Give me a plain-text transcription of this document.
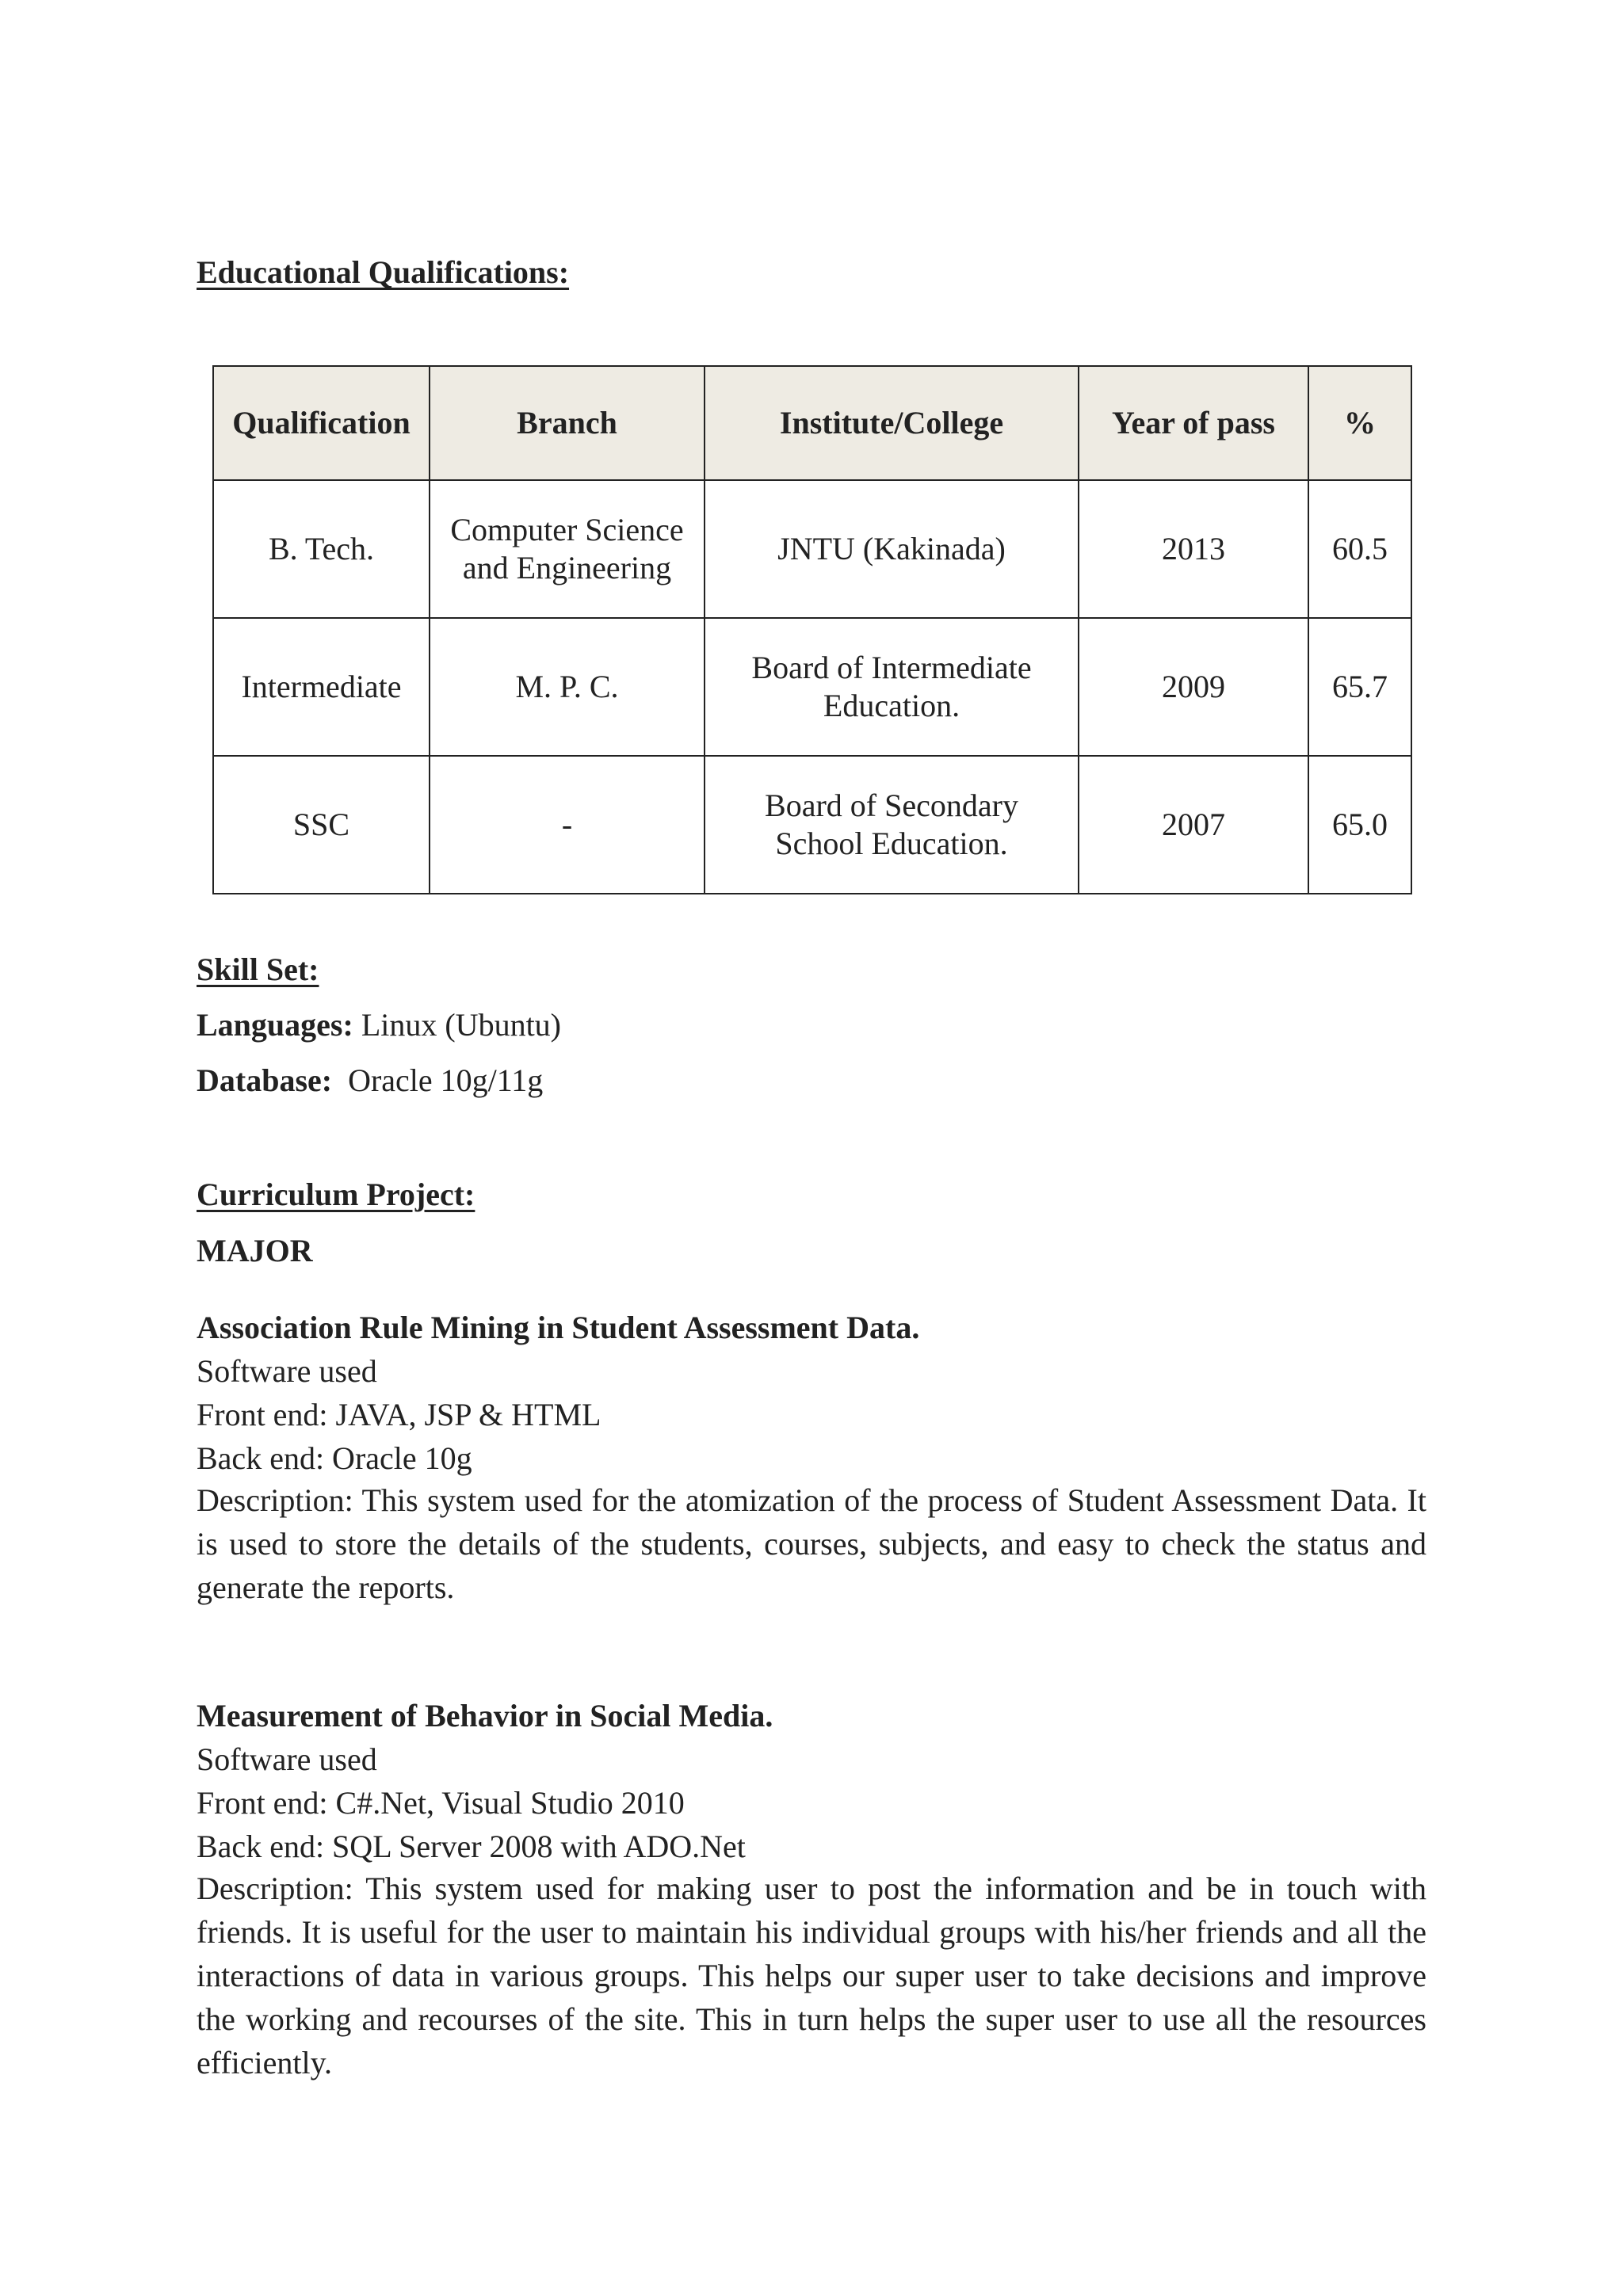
Educational Qualifications:
Qualification	Branch	Institute/College	Year of pass	%
B. Tech.	Computer Science and Engineering	JNTU (Kakinada)	2013	60.5
Intermediate	M. P. C.	Board of Intermediate Education.	2009	65.7
SSC	-	Board of Secondary School Education.	2007	65.0
Skill Set:
Languages: Linux (Ubuntu)
Database: Oracle 10g/11g
Curriculum Project:
MAJOR
Association Rule Mining in Student Assessment Data.
Software used
Front end: JAVA, JSP & HTML
Back end: Oracle 10g
Description: This system used for the atomization of the process of Student Assessment Data. It is used to store the details of the students, courses, subjects, and easy to check the status and generate the reports.
Measurement of Behavior in Social Media.
Software used
Front end: C#.Net, Visual Studio 2010
Back end: SQL Server 2008 with ADO.Net
Description: This system used for making user to post the information and be in touch with friends. It is useful for the user to maintain his individual groups with his/her friends and all the interactions of data in various groups. This helps our super user to take decisions and improve the working and recourses of the site. This in turn helps the super user to use all the resources efficiently.
